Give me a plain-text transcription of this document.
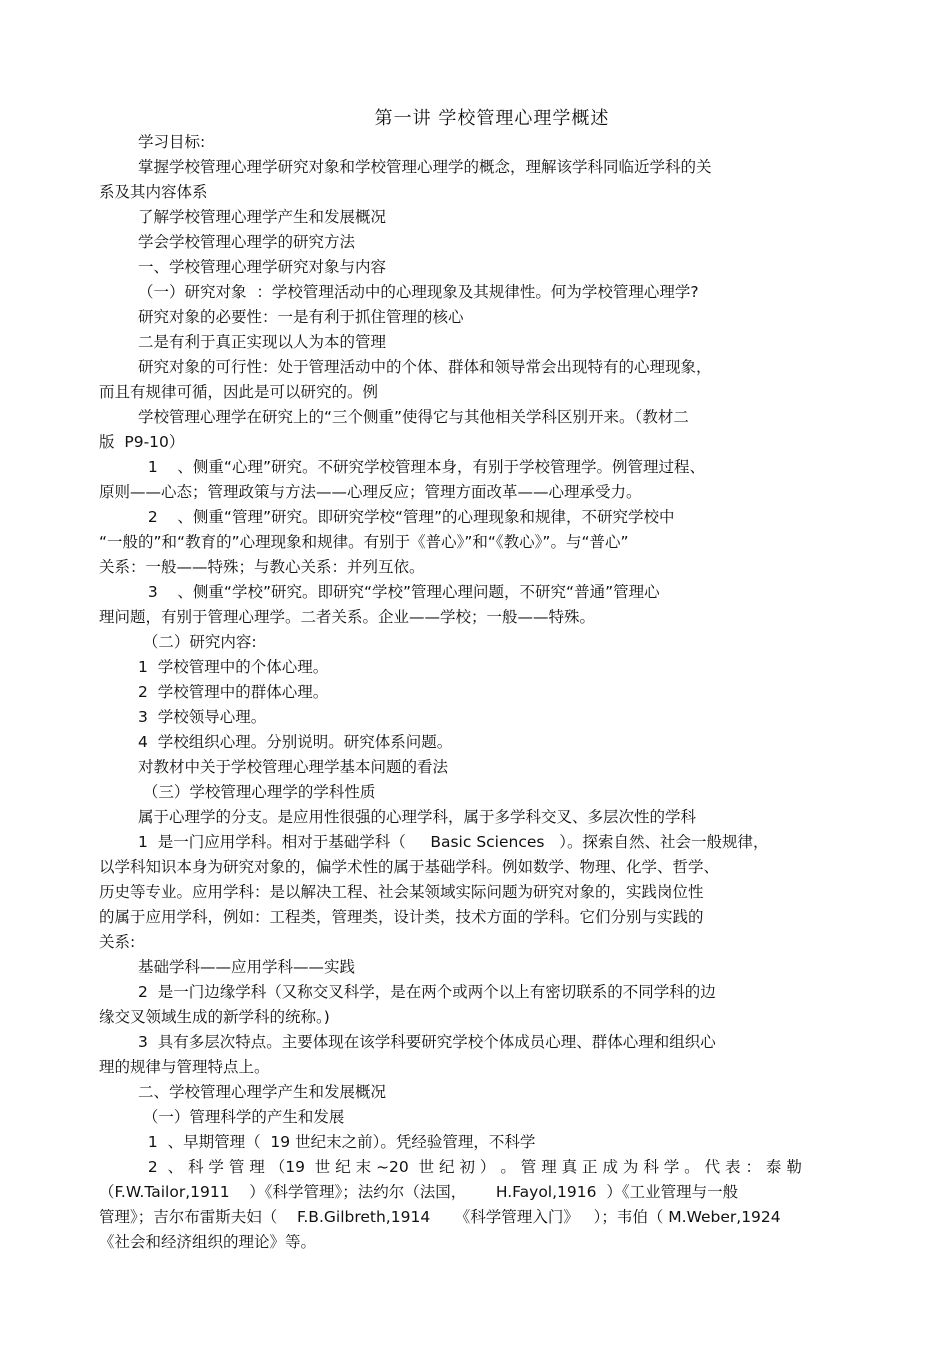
第一讲 学校管理心理学概述
学习目标:
掌握学校管理心理学研究对象和学校管理心理学的概念，理解该学科同临近学科的关
系及其内容体系
了解学校管理心理学产生和发展概况
学会学校管理心理学的研究方法
一、学校管理心理学研究对象与内容
（一）研究对象  ：学校管理活动中的心理现象及其规律性。何为学校管理心理学?
研究对象的必要性：一是有利于抓住管理的核心
二是有利于真正实现以人为本的管理
研究对象的可行性：处于管理活动中的个体、群体和领导常会出现特有的心理现象，
而且有规律可循，因此是可以研究的。例
学校管理心理学在研究上的“三个侧重”使得它与其他相关学科区别开来。（教材二
版  P9-10）
1    、侧重“心理”研究。不研究学校管理本身，有别于学校管理学。例管理过程、
原则——心态；管理政策与方法——心理反应；管理方面改革——心理承受力。
2    、侧重“管理”研究。即研究学校“管理”的心理现象和规律，不研究学校中
“一般的”和“教育的”心理现象和规律。有别于《普心》”和“《教心》”。与“普心”
关系：一般——特殊；与教心关系：并列互依。
3    、侧重“学校”研究。即研究“学校”管理心理问题，不研究“普通”管理心
理问题，有别于管理心理学。二者关系。企业——学校；一般——特殊。
（二）研究内容:
1  学校管理中的个体心理。
2  学校管理中的群体心理。
3  学校领导心理。
4  学校组织心理。分别说明。研究体系问题。
对教材中关于学校管理心理学基本问题的看法
（三）学校管理心理学的学科性质
属于心理学的分支。是应用性很强的心理学科，属于多学科交叉、多层次性的学科
1  是一门应用学科。相对于基础学科（     Basic Sciences   ）。探索自然、社会一般规律，
以学科知识本身为研究对象的，偏学术性的属于基础学科。例如数学、物理、化学、哲学、
历史等专业。应用学科：是以解决工程、社会某领域实际问题为研究对象的，实践岗位性
的属于应用学科，例如：工程类，管理类，设计类，技术方面的学科。它们分别与实践的
关系:
基础学科——应用学科——实践
2  是一门边缘学科（又称交叉科学，是在两个或两个以上有密切联系的不同学科的边
缘交叉领域生成的新学科的统称。)
3  具有多层次特点。主要体现在该学科要研究学校个体成员心理、群体心理和组织心
理的规律与管理特点上。
二、学校管理心理学产生和发展概况
（一）管理科学的产生和发展
1  、早期管理（  19 世纪末之前）。凭经验管理，不科学
2  、 科 学 管 理 （19  世 纪 末 ~20  世 纪 初 ） 。 管 理 真 正 成 为 科 学 。 代 表 ： 泰 勒
（F.W.Tailor,1911    ）《科学管理》；法约尔（法国，      H.Fayol,1916  ）《工业管理与一般
管理》；吉尔布雷斯夫妇（    F.B.Gilbreth,1914     《科学管理入门》   ）；韦伯（ M.Weber,1924
《社会和经济组织的理论》等。
